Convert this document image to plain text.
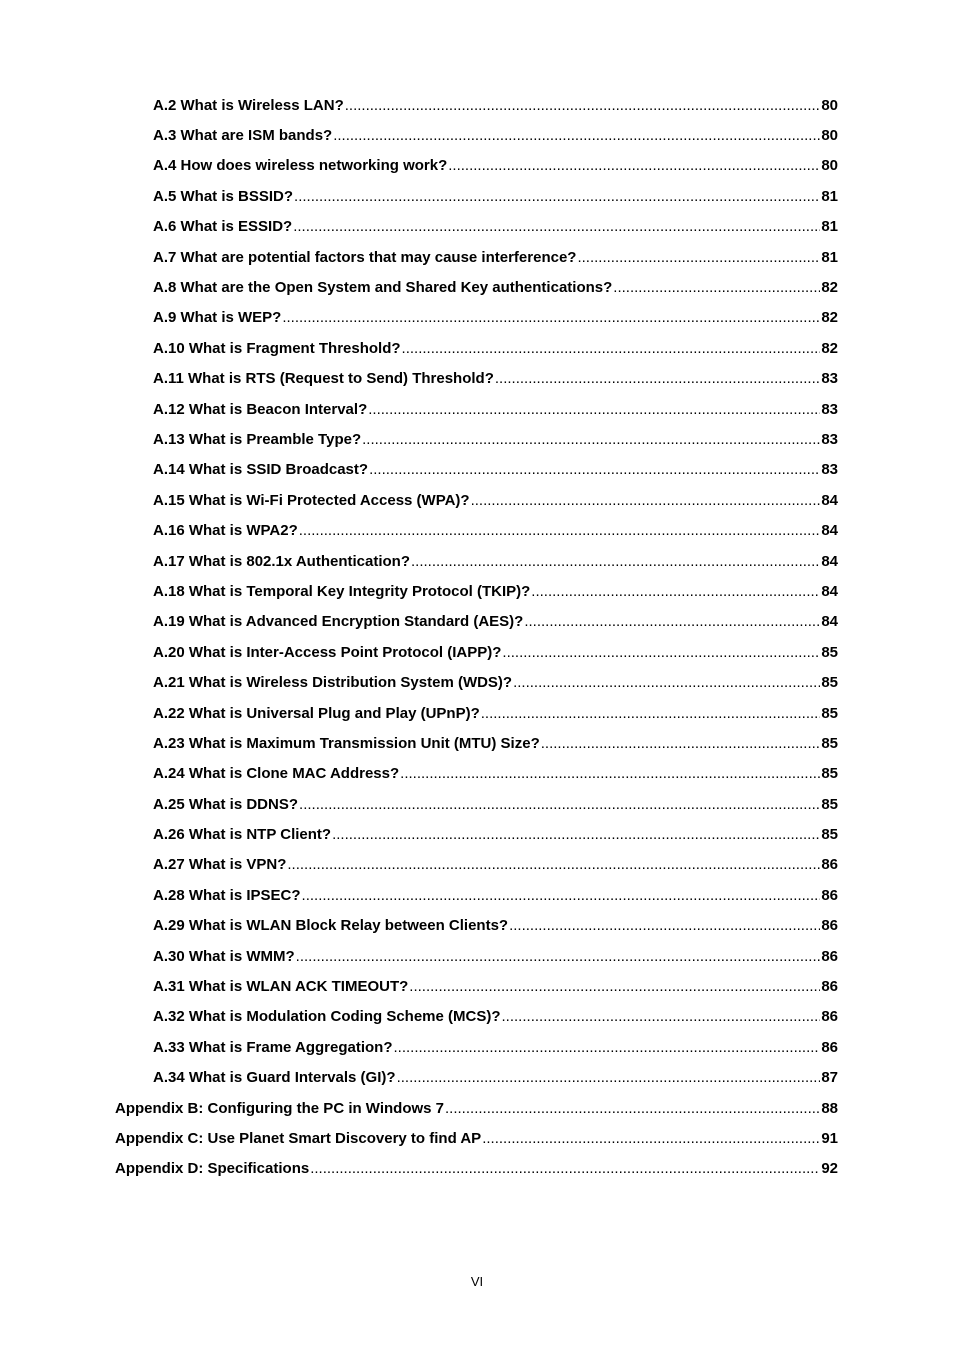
A.2 What is Wireless LAN? .....	80
A.3 What are ISM bands? .....	80
A.4 How does wireless networking work? .....	80
A.5 What is BSSID? .....	81
A.6 What is ESSID? .....	81
A.7 What are potential factors that may cause interference? .....	81
A.8 What are the Open System and Shared Key authentications? .....	82
A.9 What is WEP? .....	82
A.10 What is Fragment Threshold? .....	82
A.11 What is RTS (Request to Send) Threshold? .....	83
A.12 What is Beacon Interval? .....	83
A.13 What is Preamble Type? .....	83
A.14 What is SSID Broadcast? .....	83
A.15 What is Wi-Fi Protected Access (WPA)? .....	84
A.16 What is WPA2? .....	84
A.17 What is 802.1x Authentication? .....	84
A.18 What is Temporal Key Integrity Protocol (TKIP)? .....	84
A.19 What is Advanced Encryption Standard (AES)? .....	84
A.20 What is Inter-Access Point Protocol (IAPP)? .....	85
A.21 What is Wireless Distribution System (WDS)? .....	85
A.22 What is Universal Plug and Play (UPnP)? .....	85
A.23 What is Maximum Transmission Unit (MTU) Size? .....	85
A.24 What is Clone MAC Address? .....	85
A.25 What is DDNS? .....	85
A.26 What is NTP Client? .....	85
A.27 What is VPN? .....	86
A.28 What is IPSEC? .....	86
A.29 What is WLAN Block Relay between Clients? .....	86
A.30 What is WMM? .....	86
A.31 What is WLAN ACK TIMEOUT? .....	86
A.32 What is Modulation Coding Scheme (MCS)? .....	86
A.33 What is Frame Aggregation? .....	86
A.34 What is Guard Intervals (GI)? .....	87
Appendix B: Configuring the PC in Windows 7 .....	88
Appendix C: Use Planet Smart Discovery to find AP .....	91
Appendix D: Specifications .....	92
VI
